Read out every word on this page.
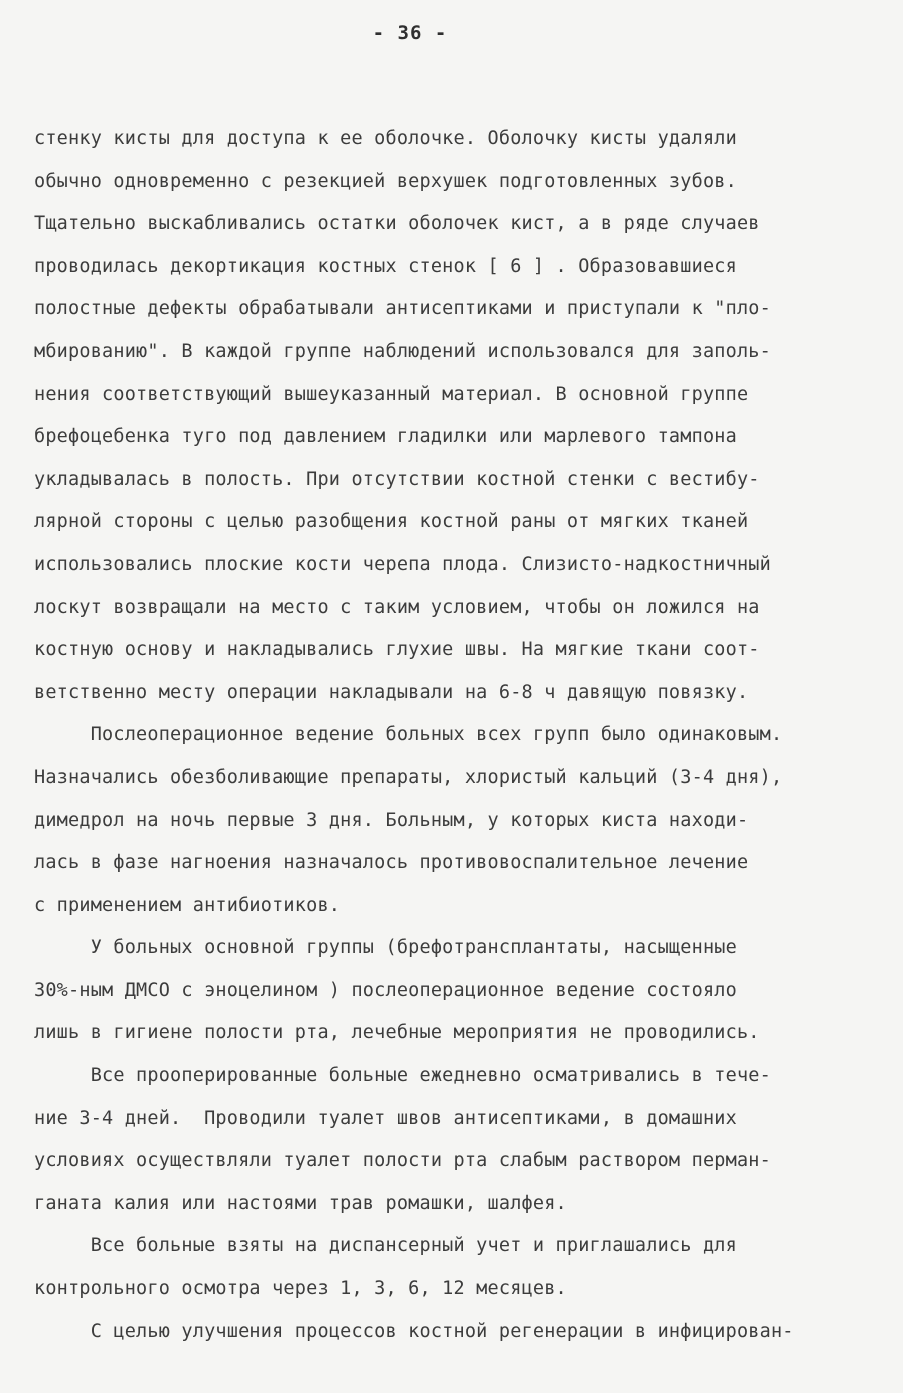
- 36 -
стенку кисты для доступа к ее оболочке. Оболочку кисты удаляли
обычно одновременно с резекцией верхушек подготовленных зубов.
Тщательно выскабливались остатки оболочек кист, а в ряде случаев
проводилась декортикация костных стенок [ 6 ] . Образовавшиеся
полостные дефекты обрабатывали антисептиками и приступали к "пло-
мбированию". В каждой группе наблюдений использовался для заполь-
нения соответствующий вышеуказанный материал. В основной группе
брефоцебенка туго под давлением гладилки или марлевого тампона
укладывалась в полость. При отсутствии костной стенки с вестибу-
лярной стороны с целью разобщения костной раны от мягких тканей
использовались плоские кости черепа плода. Слизисто-надкостничный
лоскут возвращали на место с таким условием, чтобы он ложился на
костную основу и накладывались глухие швы. На мягкие ткани соот-
ветственно месту операции накладывали на 6-8 ч давящую повязку.
Послеоперационное ведение больных всех групп было одинаковым.
Назначались обезболивающие препараты, хлористый кальций (3-4 дня),
димедрол на ночь первые 3 дня. Больным, у которых киста находи-
лась в фазе нагноения назначалось противовоспалительное лечение
с применением антибиотиков.
У больных основной группы (брефотрансплантаты, насыщенные
30%-ным ДМСО с эноцелином ) послеоперационное ведение состояло
лишь в гигиене полости рта, лечебные мероприятия не проводились.
Все прооперированные больные ежедневно осматривались в тече-
ние 3-4 дней.  Проводили туалет швов антисептиками, в домашних
условиях осуществляли туалет полости рта слабым раствором перман-
ганата калия или настоями трав ромашки, шалфея.
Все больные взяты на диспансерный учет и приглашались для
контрольного осмотра через 1, 3, 6, 12 месяцев.
С целью улучшения процессов костной регенерации в инфицирован-
